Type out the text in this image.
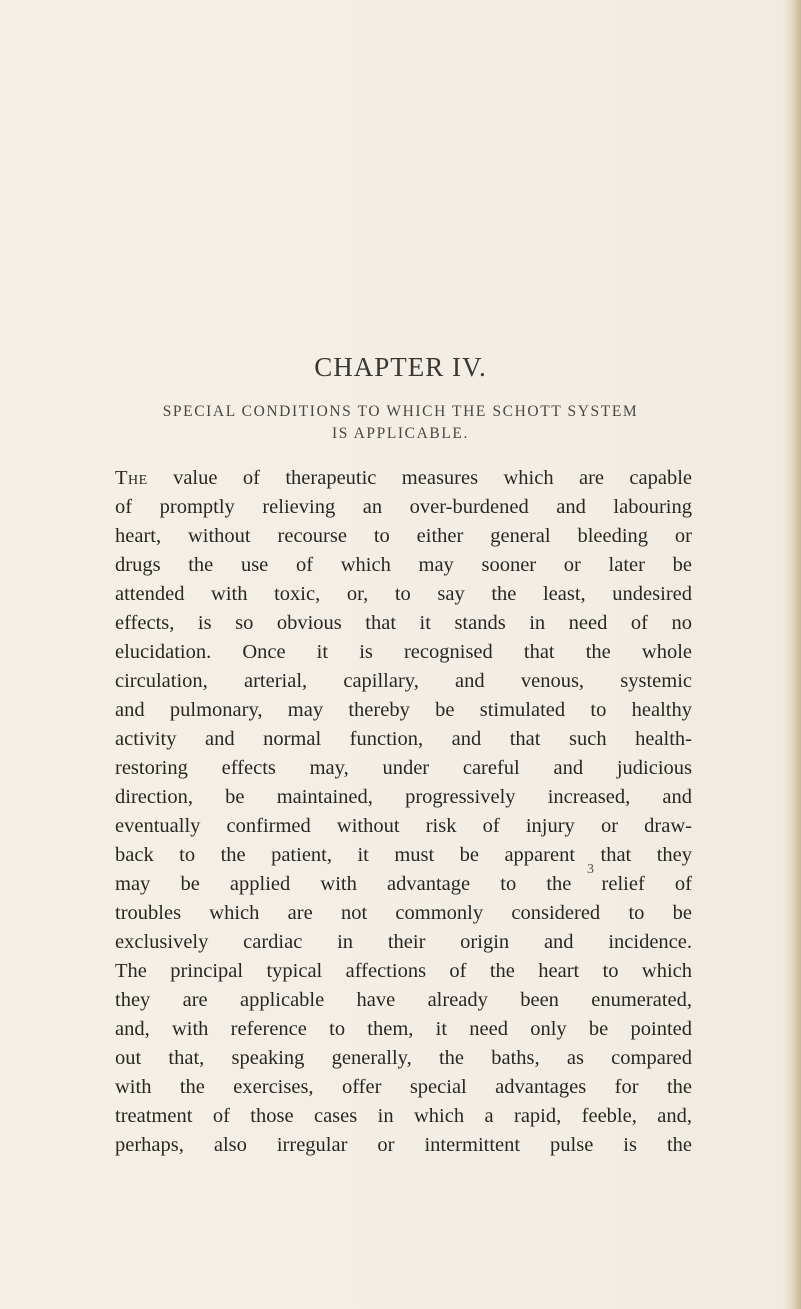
CHAPTER IV.
SPECIAL CONDITIONS TO WHICH THE SCHOTT SYSTEM
IS APPLICABLE.
The value of therapeutic measures which are capable
of promptly relieving an over-burdened and labouring
heart, without recourse to either general bleeding or
drugs the use of which may sooner or later be
attended with toxic, or, to say the least, undesired
effects, is so obvious that it stands in need of no
elucidation. Once it is recognised that the whole
circulation, arterial, capillary, and venous, systemic
and pulmonary, may thereby be stimulated to healthy
activity and normal function, and that such health-
restoring effects may, under careful and judicious
direction, be maintained, progressively increased, and
eventually confirmed without risk of injury or draw-
back to the patient, it must be apparent that they
may be applied with advantage to the relief of
troubles which are not commonly considered to be
exclusively cardiac in their origin and incidence.
The principal typical affections of the heart to which
they are applicable have already been enumerated,
and, with reference to them, it need only be pointed
out that, speaking generally, the baths, as compared
with the exercises, offer special advantages for the
treatment of those cases in which a rapid, feeble, and,
perhaps, also irregular or intermittent pulse is the
3
